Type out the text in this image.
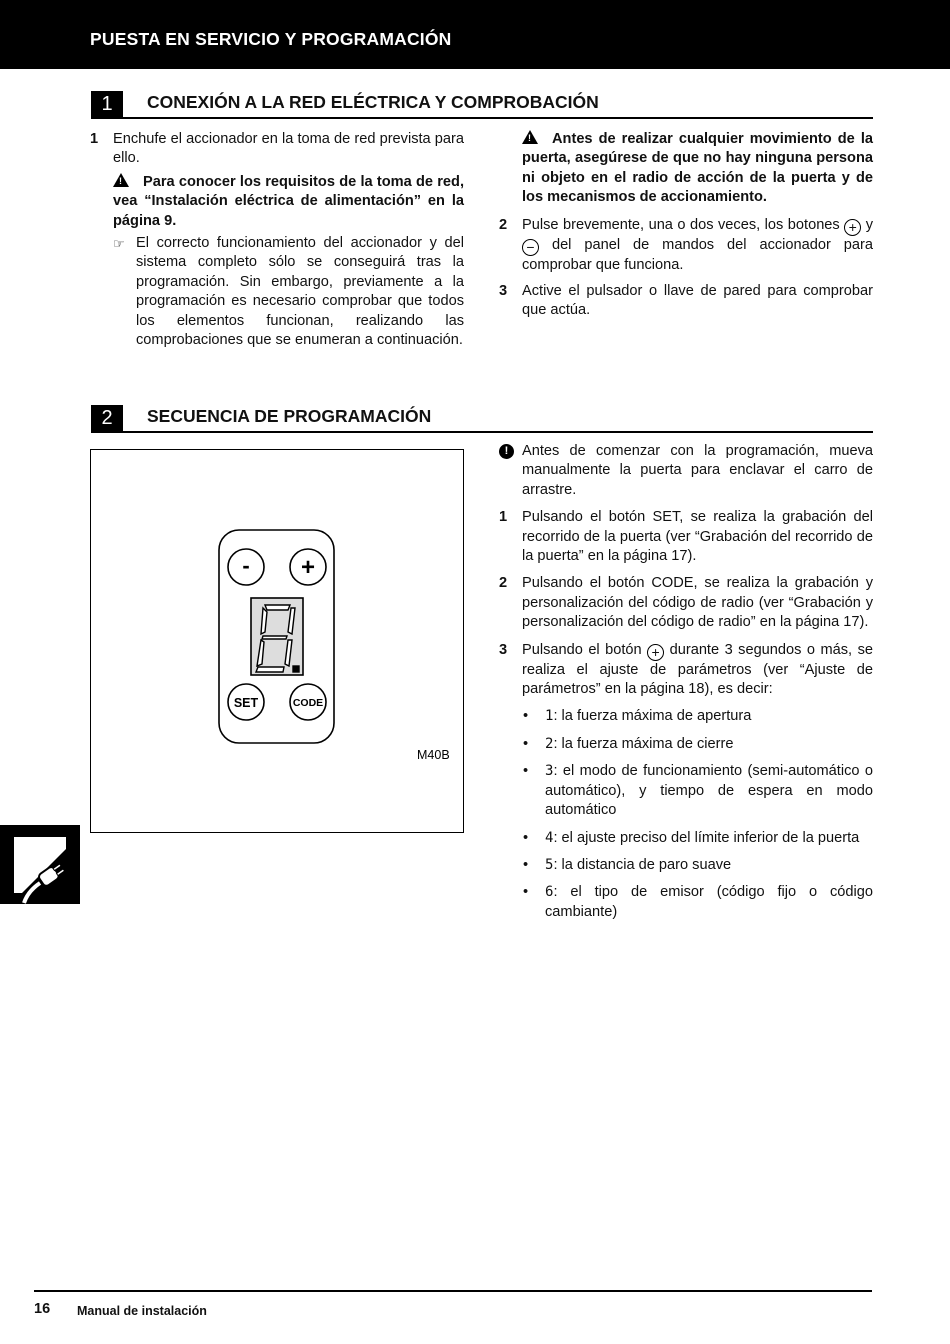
PUESTA EN SERVICIO Y PROGRAMACIÓN
1	CONEXIÓN A LA RED ELÉCTRICA Y COMPROBACIÓN
1 Enchufe el accionador en la toma de red prevista para ello.
!Para conocer los requisitos de la toma de red, vea “Instalación eléctrica de alimentación” en la página 9.
☞ El correcto funcionamiento del accionador y del sistema completo sólo se conseguirá tras la programación. Sin embargo, previamente a la programación es necesario comprobar que todos los elementos funcionan, realizando las comprobaciones que se enumeran a continuación.
!Antes de realizar cualquier movimiento de la puerta, asegúrese de que no hay ninguna persona ni objeto en el radio de acción de la puerta y de los mecanismos de accionamiento.
2 Pulse brevemente, una o dos veces, los botones + y − del panel de mandos del accionador para comprobar que funciona.
3 Active el pulsador o llave de pared para comprobar que actúa.
2	SECUENCIA DE PROGRAMACIÓN
- +
SET	CODE
M40B
! Antes de comenzar con la programación, mueva manualmente la puerta para enclavar el carro de arrastre.
1 Pulsando el botón SET, se realiza la grabación del recorrido de la puerta (ver “Grabación del recorrido de la puerta” en la página 17).
2 Pulsando el botón CODE, se realiza la grabación y personalización del código de radio (ver “Grabación y personalización del código de radio” en la página 17).
3 Pulsando el botón + durante 3 segundos o más, se realiza el ajuste de parámetros (ver “Ajuste de parámetros” en la página 18), es decir:
• 1: la fuerza máxima de apertura
• 2: la fuerza máxima de cierre
• 3: el modo de funcionamiento (semi-automático o automático), y tiempo de espera en modo automático
• 4: el ajuste preciso del límite inferior de la puerta
• 5: la distancia de paro suave
• 6: el tipo de emisor (código fijo o código cambiante)
16 Manual de instalación
